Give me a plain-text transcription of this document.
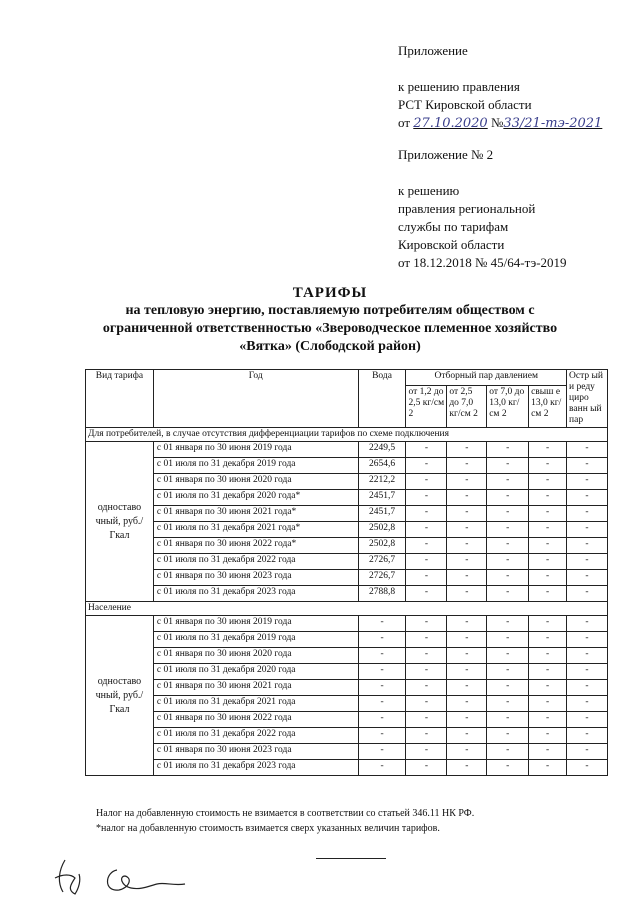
Приложение
к решению правления
РСТ Кировской области
от 27.10.2020 №33/21-тэ-2021
Приложение № 2
к решению
правления региональной
службы по тарифам
Кировской области
от 18.12.2018 № 45/64-тэ-2019
ТАРИФЫ
на тепловую энергию, поставляемую потребителям обществом с
ограниченной ответственностью «Звероводческое племенное хозяйство
«Вятка» (Слободской район)
Вид тарифа	Год	Вода	Отборный пар давлением				Остр ый и реду циро ванн ый пар
			от 1,2 до 2,5 кг/см 2	от 2,5 до 7,0 кг/см 2	от 7,0 до 13,0 кг/см 2	свыш е 13,0 кг/см 2	
Для потребителей, в случае отсутствия дифференциации тарифов по схеме подключения							
одноставо чный, руб./Гкал	с 01 января по 30 июня 2019 года	2249,5	-	-	-	-	-
	с 01 июля по 31 декабря 2019 года	2654,6	-	-	-	-	-
	с 01 января по 30 июня 2020 года	2212,2	-	-	-	-	-
	с 01 июля по 31 декабря 2020 года*	2451,7	-	-	-	-	-
	с 01 января по 30 июня 2021 года*	2451,7	-	-	-	-	-
	с 01 июля по 31 декабря 2021 года*	2502,8	-	-	-	-	-
	с 01 января по 30 июня 2022 года*	2502,8	-	-	-	-	-
	с 01 июля по 31 декабря 2022 года	2726,7	-	-	-	-	-
	с 01 января по 30 июня 2023 года	2726,7	-	-	-	-	-
	с 01 июля по 31 декабря 2023 года	2788,8	-	-	-	-	-
Население							
одноставо чный, руб./Гкал	с 01 января по 30 июня 2019 года	-	-	-	-	-	-
	с 01 июля по 31 декабря 2019 года	-	-	-	-	-	-
	с 01 января по 30 июня 2020 года	-	-	-	-	-	-
	с 01 июля по 31 декабря 2020 года	-	-	-	-	-	-
	с 01 января по 30 июня 2021 года	-	-	-	-	-	-
	с 01 июля по 31 декабря 2021 года	-	-	-	-	-	-
	с 01 января по 30 июня 2022 года	-	-	-	-	-	-
	с 01 июля по 31 декабря 2022 года	-	-	-	-	-	-
	с 01 января по 30 июня 2023 года	-	-	-	-	-	-
	с 01 июля по 31 декабря 2023 года	-	-	-	-	-	-
Налог на добавленную стоимость не взимается в соответствии со статьей 346.11 НК РФ.
*налог на добавленную стоимость взимается сверх указанных величин тарифов.
